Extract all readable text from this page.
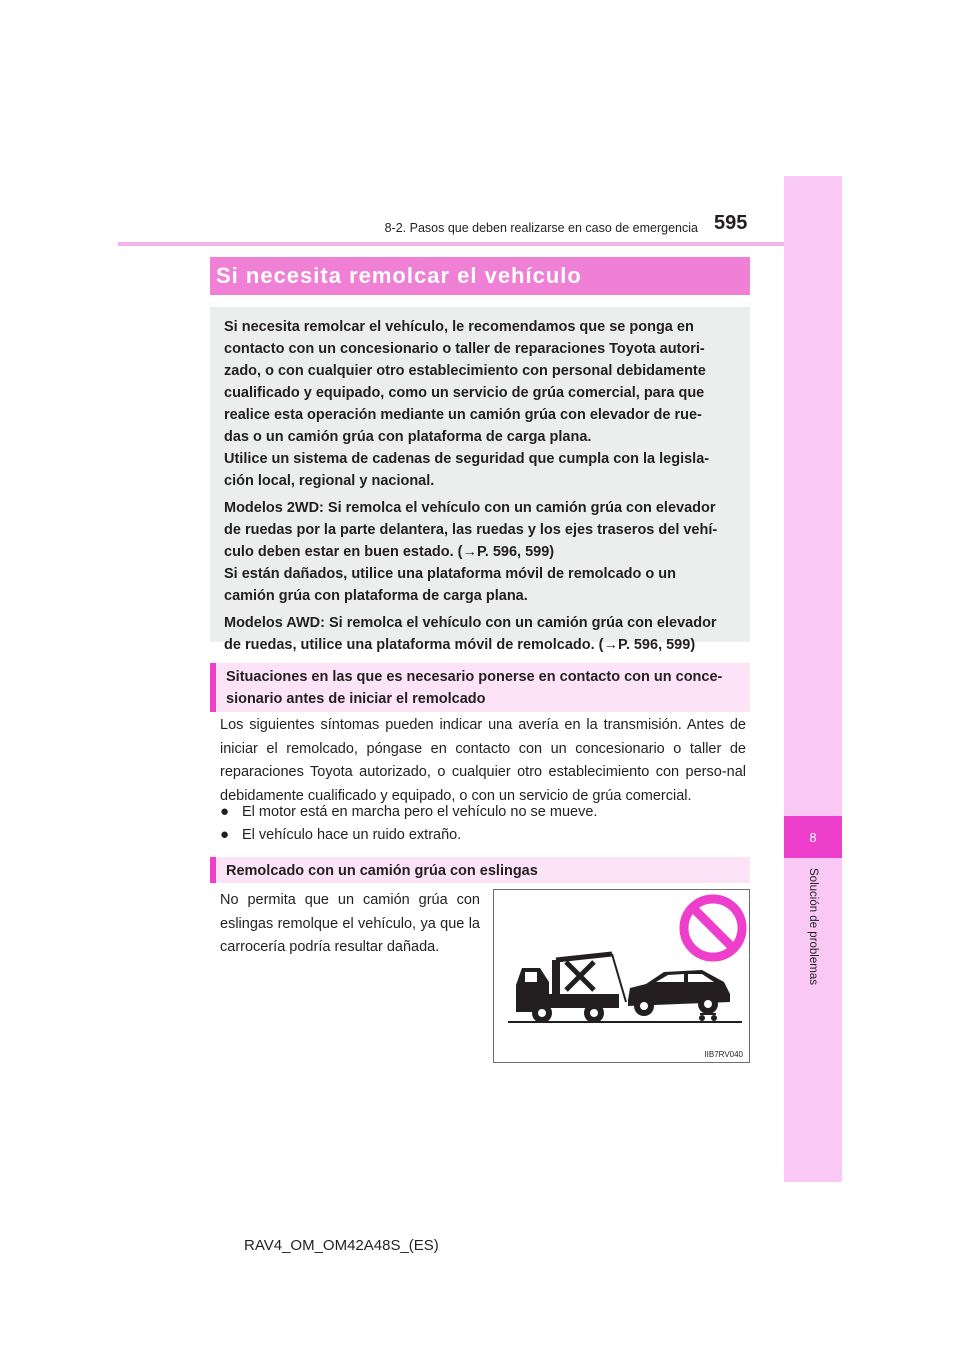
8
Solución de problemas
595
8-2. Pasos que deben realizarse en caso de emergencia
Si necesita remolcar el vehículo

Si necesita remolcar el vehículo, le recomendamos que se ponga en
contacto con un concesionario o taller de reparaciones Toyota autori-
zado, o con cualquier otro establecimiento con personal debidamente
cualificado y equipado, como un servicio de grúa comercial, para que
realice esta operación mediante un camión grúa con elevador de rue-
das o un camión grúa con plataforma de carga plana.
Utilice un sistema de cadenas de seguridad que cumpla con la legisla-
ción local, regional y nacional.

Modelos 2WD: Si remolca el vehículo con un camión grúa con elevador
de ruedas por la parte delantera, las ruedas y los ejes traseros del vehí-
culo deben estar en buen estado. (→P. 596, 599)
Si están dañados, utilice una plataforma móvil de remolcado o un
camión grúa con plataforma de carga plana.

Modelos AWD: Si remolca el vehículo con un camión grúa con elevador
de ruedas, utilice una plataforma móvil de remolcado. (→P. 596, 599)

Situaciones en las que es necesario ponerse en contacto con un conce-
sionario antes de iniciar el remolcado
Los siguientes síntomas pueden indicar una avería en la transmisión. Antes de iniciar el remolcado, póngase en contacto con un concesionario o taller de reparaciones Toyota autorizado, o cualquier otro establecimiento con perso-nal debidamente cualificado y equipado, o con un servicio de grúa comercial.
● El motor está en marcha pero el vehículo no se mueve.
● El vehículo hace un ruido extraño.
Remolcado con un camión grúa con eslingas
No permita que un camión grúa con eslingas remolque el vehículo, ya que la carrocería podría resultar dañada.
IIB7RV040
RAV4_OM_OM42A48S_(ES)
